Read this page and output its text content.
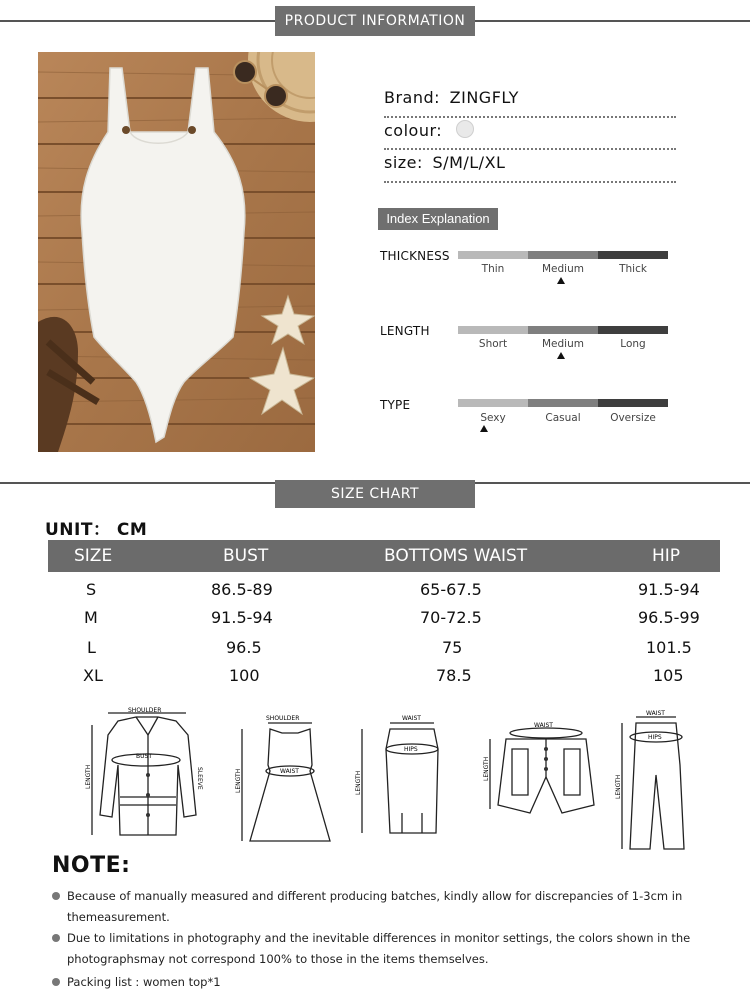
PRODUCT INFORMATION
Brand: ZINGFLY
colour:
size: S/M/L/XL
Index Explanation
THICKNESS
Thin	Medium	Thick
LENGTH
Short	Medium	Long
TYPE
Sexy	Casual	Oversize
SIZE CHART
UNIT： CM
SIZE	BUST	BOTTOMS WAIST	HIP
S	86.5-89	65-67.5	91.5-94
M	91.5-94	70-72.5	96.5-99
L	96.5	75	101.5
XL	100	78.5	105
SHOULDER
BUST
LENGTH	SLEEVE
SHOULDER
WAIST
LENGTH
WAIST
HIPS
LENGTH
WAIST
LENGTH
WAIST
HIPS
LENGTH
NOTE:
Because of manually measured and different producing batches, kindly allow for discrepancies of 1-3cm in themeasurement.
Due to limitations in photography and the inevitable differences in monitor settings, the colors shown in the photographsmay not correspond 100% to those in the items themselves.
Packing list : women top*1
